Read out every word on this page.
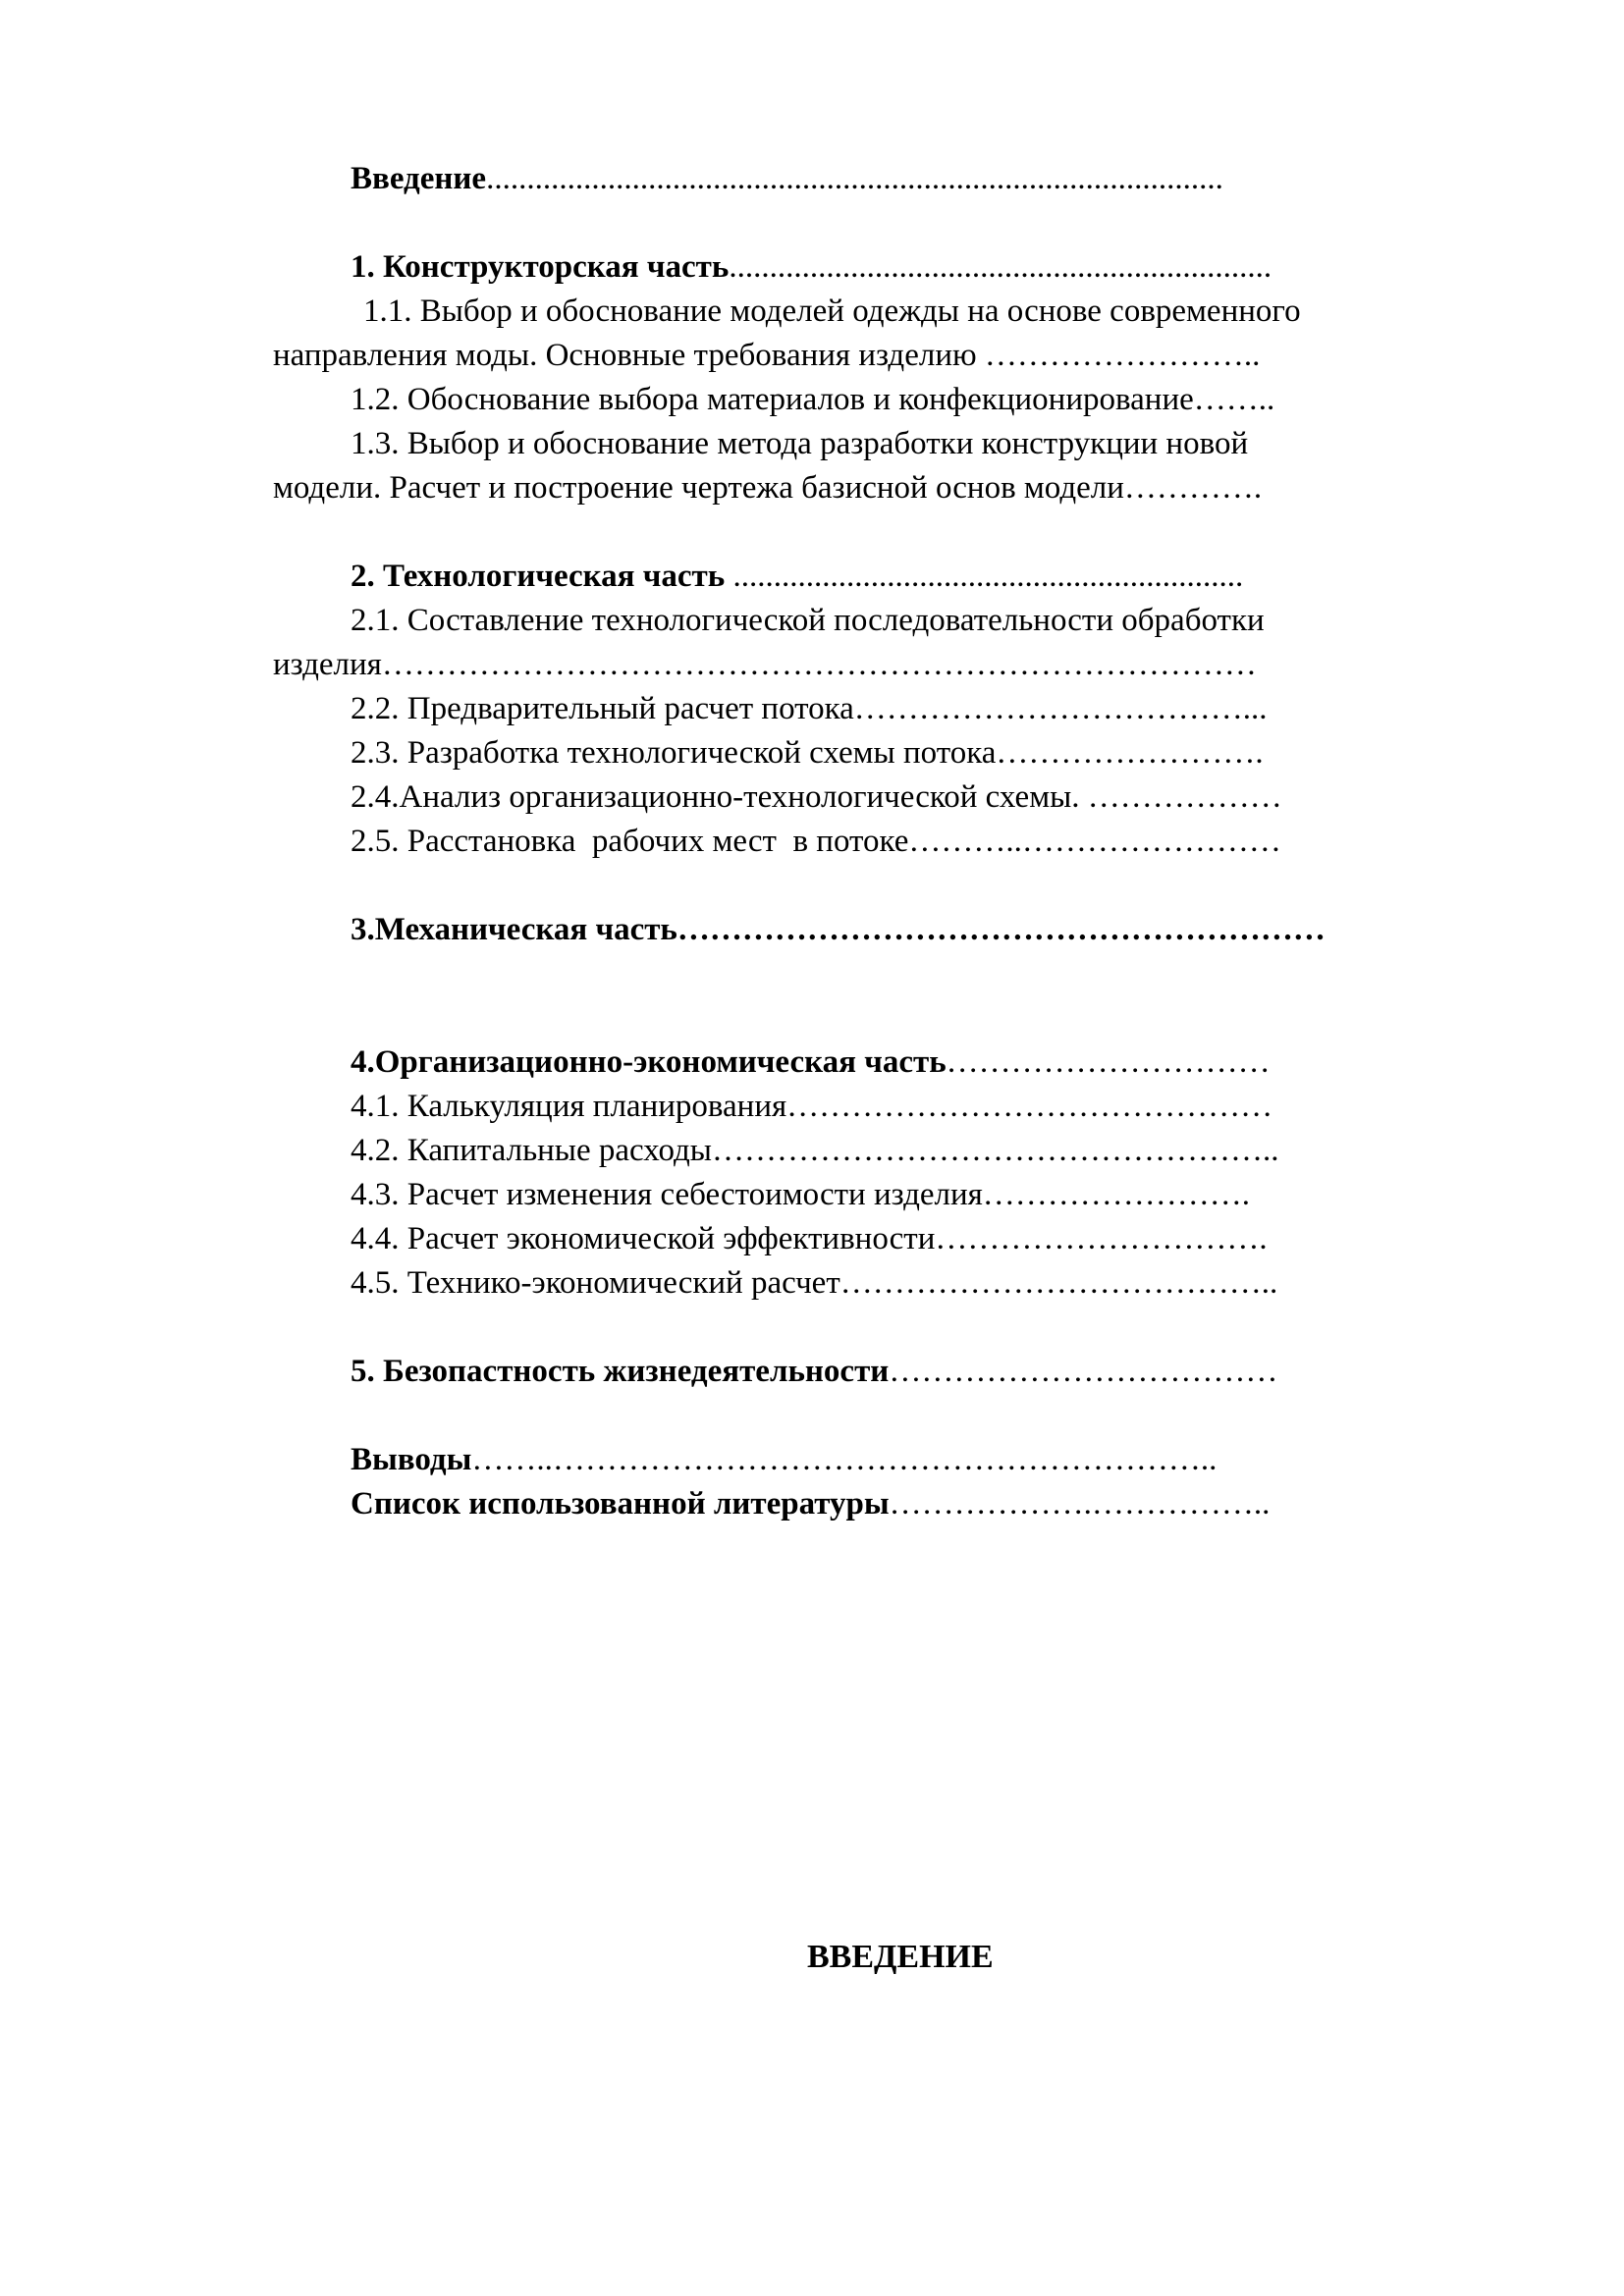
Введение...........................................................................................
1. Конструкторская часть...................................................................
1.1. Выбор и обоснование моделей одежды на основе современного
направления моды. Основные требования изделию ……………………..
1.2. Обоснование выбора материалов и конфекционирование……..
1.3. Выбор и обоснование метода разработки конструкции новой
модели. Расчет и построение чертежа базисной основ модели………….
2. Технологическая часть ...............................................................
2.1. Составление технологической последовательности обработки
изделия………………………………………………………………………
2.2. Предварительный расчет потока………………………………...
2.3. Разработка технологической схемы потока…………………….
2.4.Анализ организационно-технологической схемы. ………………
2.5. Расстановка  рабочих мест  в потоке………..……………………
3.Механическая часть……………………………………………………
4.Организационно-экономическая часть…………………………
4.1. Калькуляция планирования………………………………………
4.2. Капитальные расходы……………………………………………..
4.3. Расчет изменения себестоимости изделия…………………….
4.4. Расчет экономической эффективности………………………….
4.5. Технико-экономический расчет…………………………………..
5. Безопастность жизнедеятельности………………………………
Выводы……..……………………………………………………..
Список использованной литературы……………….……………..
ВВЕДЕНИЕ
